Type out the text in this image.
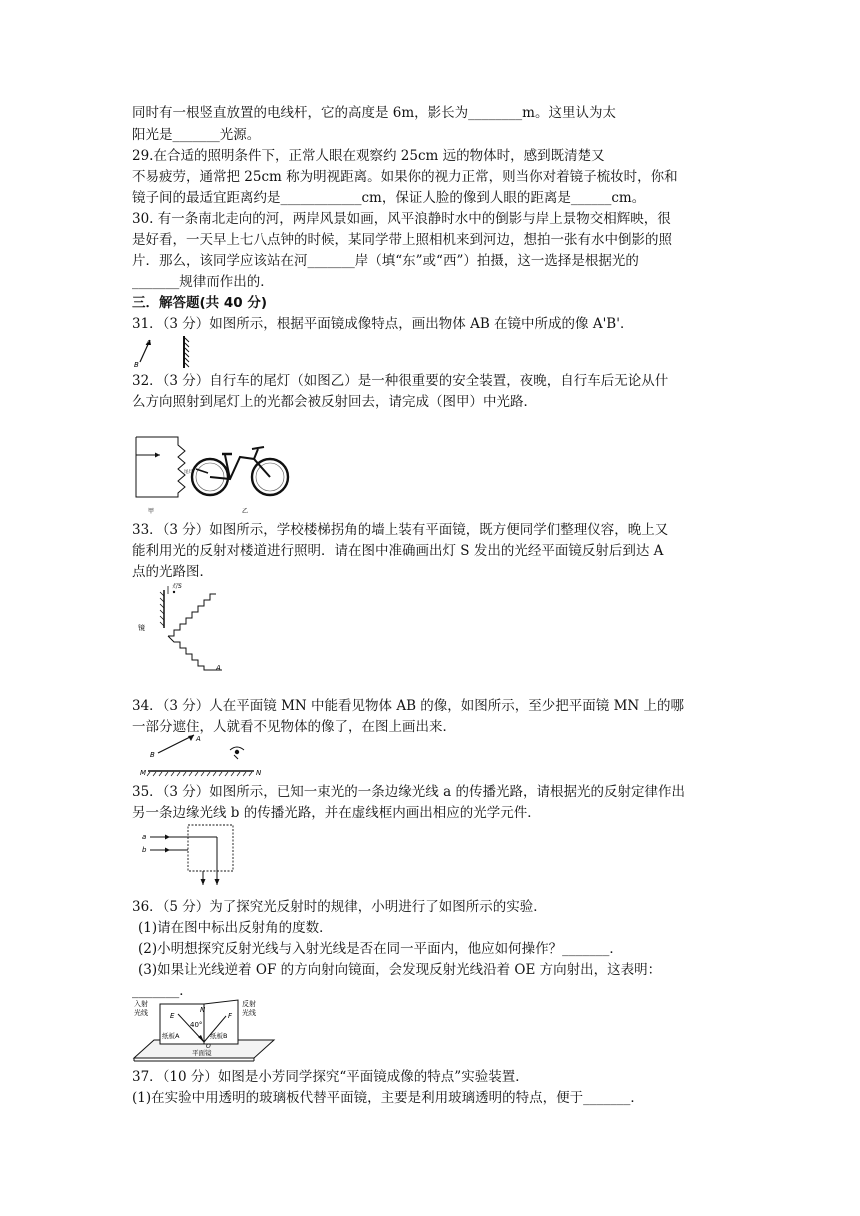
同时有一根竖直放置的电线杆，它的高度是 6m，影长为________m。这里认为太
阳光是_______光源。
29.在合适的照明条件下，正常人眼在观察约 25cm 远的物体时，感到既清楚又
不易疲劳，通常把 25cm 称为明视距离。如果你的视力正常，则当你对着镜子梳妆时，你和
镜子间的最适宜距离约是____________cm，保证人脸的像到人眼的距离是______cm。
30. 有一条南北走向的河，两岸风景如画，风平浪静时水中的倒影与岸上景物交相辉映，很
是好看，一天早上七八点钟的时候，某同学带上照相机来到河边，想拍一张有水中倒影的照
片．那么，该同学应该站在河_______岸（填“东”或“西”）拍摄，这一选择是根据光的
_______规律而作出的．
三．解答题(共 40 分)
31．（3 分）如图所示，根据平面镜成像特点，画出物体 AB 在镜中所成的像 A'B'．
A
B
32．（3 分）自行车的尾灯（如图乙）是一种很重要的安全装置，夜晚，自行车后无论从什
么方向照射到尾灯上的光都会被反射回去，请完成（图甲）中光路．
甲
尾灯
乙
33．（3 分）如图所示，学校楼梯拐角的墙上装有平面镜，既方便同学们整理仪容，晚上又
能利用光的反射对楼道进行照明．请在图中准确画出灯 S 发出的光经平面镜反射后到达 A
点的光路图．
镜
灯S
A
34．（3 分）人在平面镜 MN 中能看见物体 AB 的像，如图所示，至少把平面镜 MN 上的哪
一部分遮住，人就看不见物体的像了，在图上画出来．
A
B
M	N
35．（3 分）如图所示，已知一束光的一条边缘光线 a 的传播光路，请根据光的反射定律作出
另一条边缘光线 b 的传播光路，并在虚线框内画出相应的光学元件．
a
b
36．（5 分）为了探究光反射时的规律，小明进行了如图所示的实验．
(1)请在图中标出反射角的度数．
(2)小明想探究反射光线与入射光线是否在同一平面内，他应如何操作？_______．
(3)如果让光线逆着 OF 的方向射向镜面，会发现反射光线沿着 OE 方向射出，这表明：
_______．
入射
光线
反射
光线
E
N
F
40°
O
纸板A	纸板B
平面镜
37．（10 分）如图是小芳同学探究“平面镜成像的特点”实验装置．
(1)在实验中用透明的玻璃板代替平面镜，主要是利用玻璃透明的特点，便于_______．
